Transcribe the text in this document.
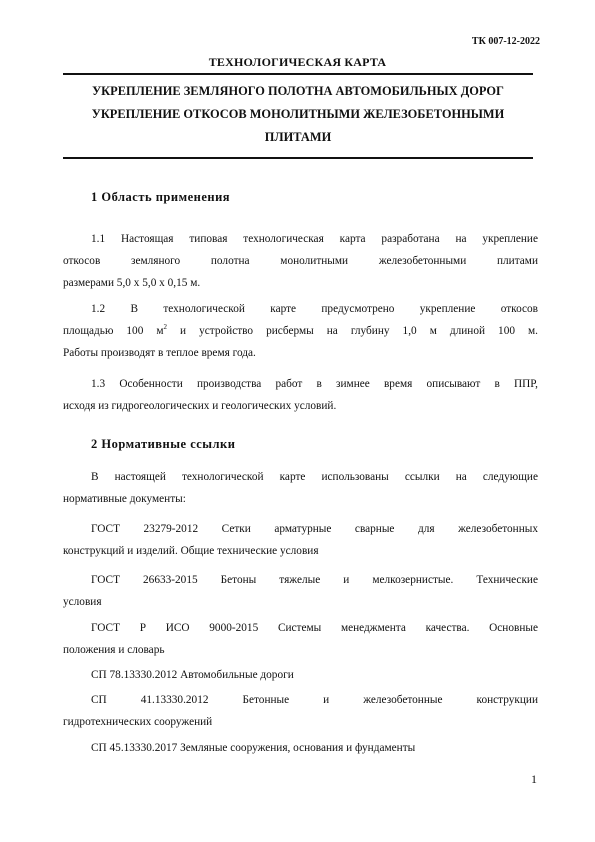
ТК 007-12-2022
ТЕХНОЛОГИЧЕСКАЯ КАРТА
УКРЕПЛЕНИЕ ЗЕМЛЯНОГО ПОЛОТНА АВТОМОБИЛЬНЫХ ДОРОГ
УКРЕПЛЕНИЕ ОТКОСОВ МОНОЛИТНЫМИ ЖЕЛЕЗОБЕТОННЫМИ
ПЛИТАМИ
1 Область применения
1.1 Настоящая типовая технологическая карта разработана на укрепление
откосов земляного полотна монолитными железобетонными плитами
размерами 5,0 х 5,0 х 0,15 м.
1.2 В технологической карте предусмотрено укрепление откосов
площадью 100 $м^2$ и устройство рисбермы на глубину 1,0 м длиной 100 м.
Работы производят в теплое время года.
1.3 Особенности производства работ в зимнее время описывают в ППР,
исходя из гидрогеологических и геологических условий.
2 Нормативные ссылки
В настоящей технологической карте использованы ссылки на следующие
нормативные документы:
ГОСТ 23279-2012 Сетки арматурные сварные для железобетонных
конструкций и изделий. Общие технические условия
ГОСТ 26633-2015 Бетоны тяжелые и мелкозернистые. Технические
условия
ГОСТ Р ИСО 9000-2015 Системы менеджмента качества. Основные
положения и словарь
СП 78.13330.2012 Автомобильные дороги
СП 41.13330.2012 Бетонные и железобетонные конструкции
гидротехнических сооружений
СП 45.13330.2017 Земляные сооружения, основания и фундаменты
1
